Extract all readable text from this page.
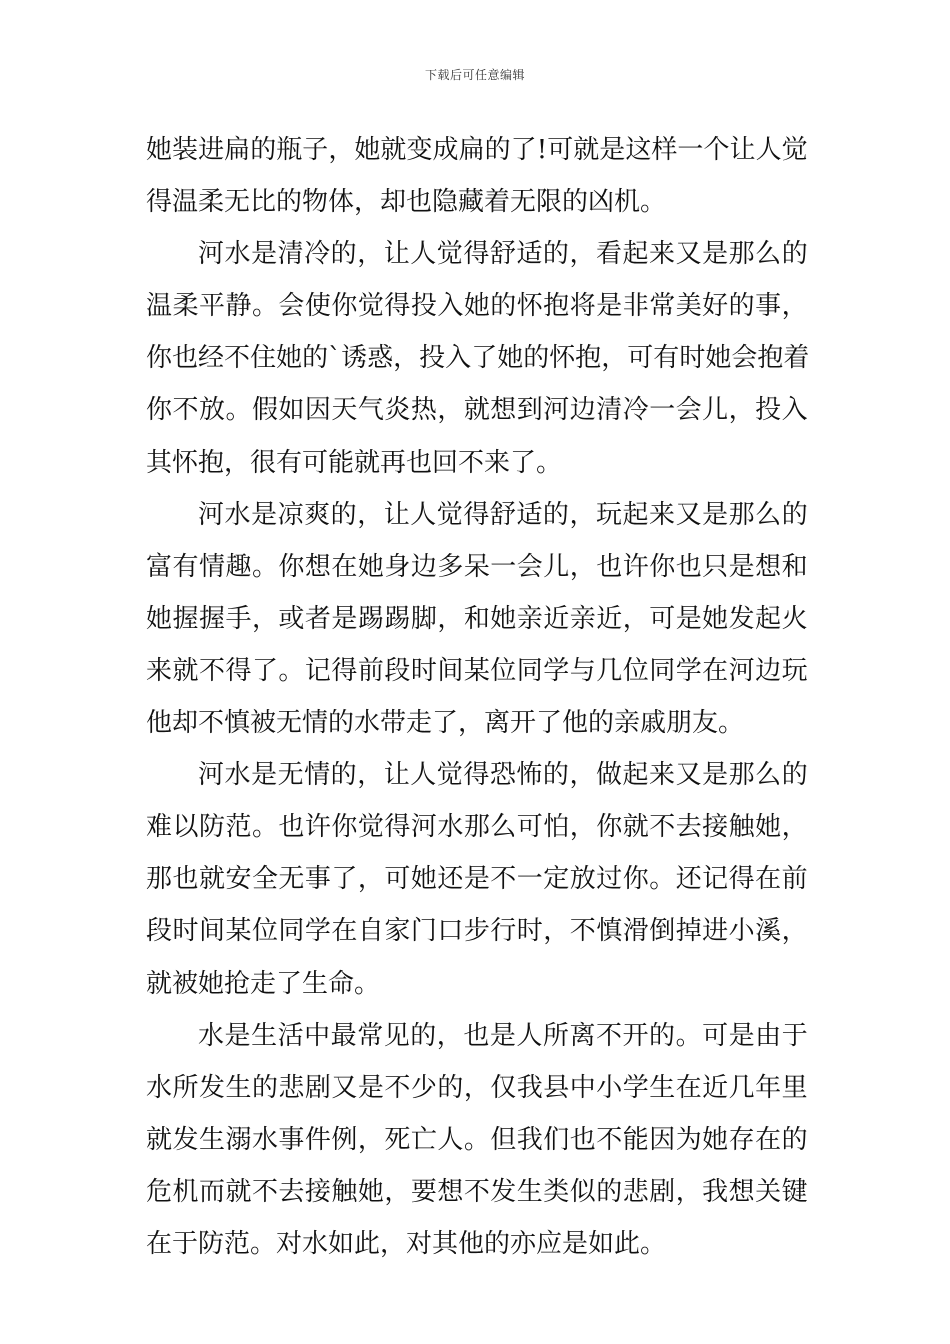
下载后可任意编辑
她 装 进 扁 的 瓶 子 ， 她 就 变 成 扁 的 了 ! 可 就 是 这 样 一 个 让 人 觉
得温柔无比的物体，却也隐藏着无限的凶机。
河 水 是 清 冷 的 ， 让 人 觉 得 舒 适 的 ， 看 起 来 又 是 那 么 的
温 柔 平 静 。 会 使 你 觉 得 投 入 她 的 怀 抱 将 是 非 常 美 好 的 事 ，
你 也 经 不 住 她 的 ` 诱 惑 ， 投 入 了 她 的 怀 抱 ， 可 有 时 她 会 抱 着
你 不 放 。 假 如 因 天 气 炎 热 ， 就 想 到 河 边 清 冷 一 会 儿 ， 投 入
其怀抱，很有可能就再也回不来了。
河 水 是 凉 爽 的 ， 让 人 觉 得 舒 适 的 ， 玩 起 来 又 是 那 么 的
富 有 情 趣 。 你 想 在 她 身 边 多 呆 一 会 儿 ， 也 许 你 也 只 是 想 和
她 握 握 手 ， 或 者 是 踢 踢 脚 ， 和 她 亲 近 亲 近 ， 可 是 她 发 起 火
来 就 不 得 了 。 记 得 前 段 时 间 某 位 同 学 与 几 位 同 学 在 河 边 玩
他却不慎被无情的水带走了，离开了他的亲戚朋友。
河 水 是 无 情 的 ， 让 人 觉 得 恐 怖 的 ， 做 起 来 又 是 那 么 的
难 以 防 范 。 也 许 你 觉 得 河 水 那 么 可 怕 ， 你 就 不 去 接 触 她 ，
那 也 就 安 全 无 事 了 ， 可 她 还 是 不 一 定 放 过 你 。 还 记 得 在 前
段 时 间 某 位 同 学 在 自 家 门 口 步 行 时 ， 不 慎 滑 倒 掉 进 小 溪 ，
就被她抢走了生命。
水 是 生 活 中 最 常 见 的 ， 也 是 人 所 离 不 开 的 。 可 是 由 于
水 所 发 生 的 悲 剧 又 是 不 少 的 ， 仅 我 县 中 小 学 生 在 近 几 年 里
就 发 生 溺 水 事 件 例 ， 死 亡 人 。 但 我 们 也 不 能 因 为 她 存 在 的
危 机 而 就 不 去 接 触 她 ， 要 想 不 发 生 类 似 的 悲 剧 ， 我 想 关 键
在于防范。对水如此，对其他的亦应是如此。
